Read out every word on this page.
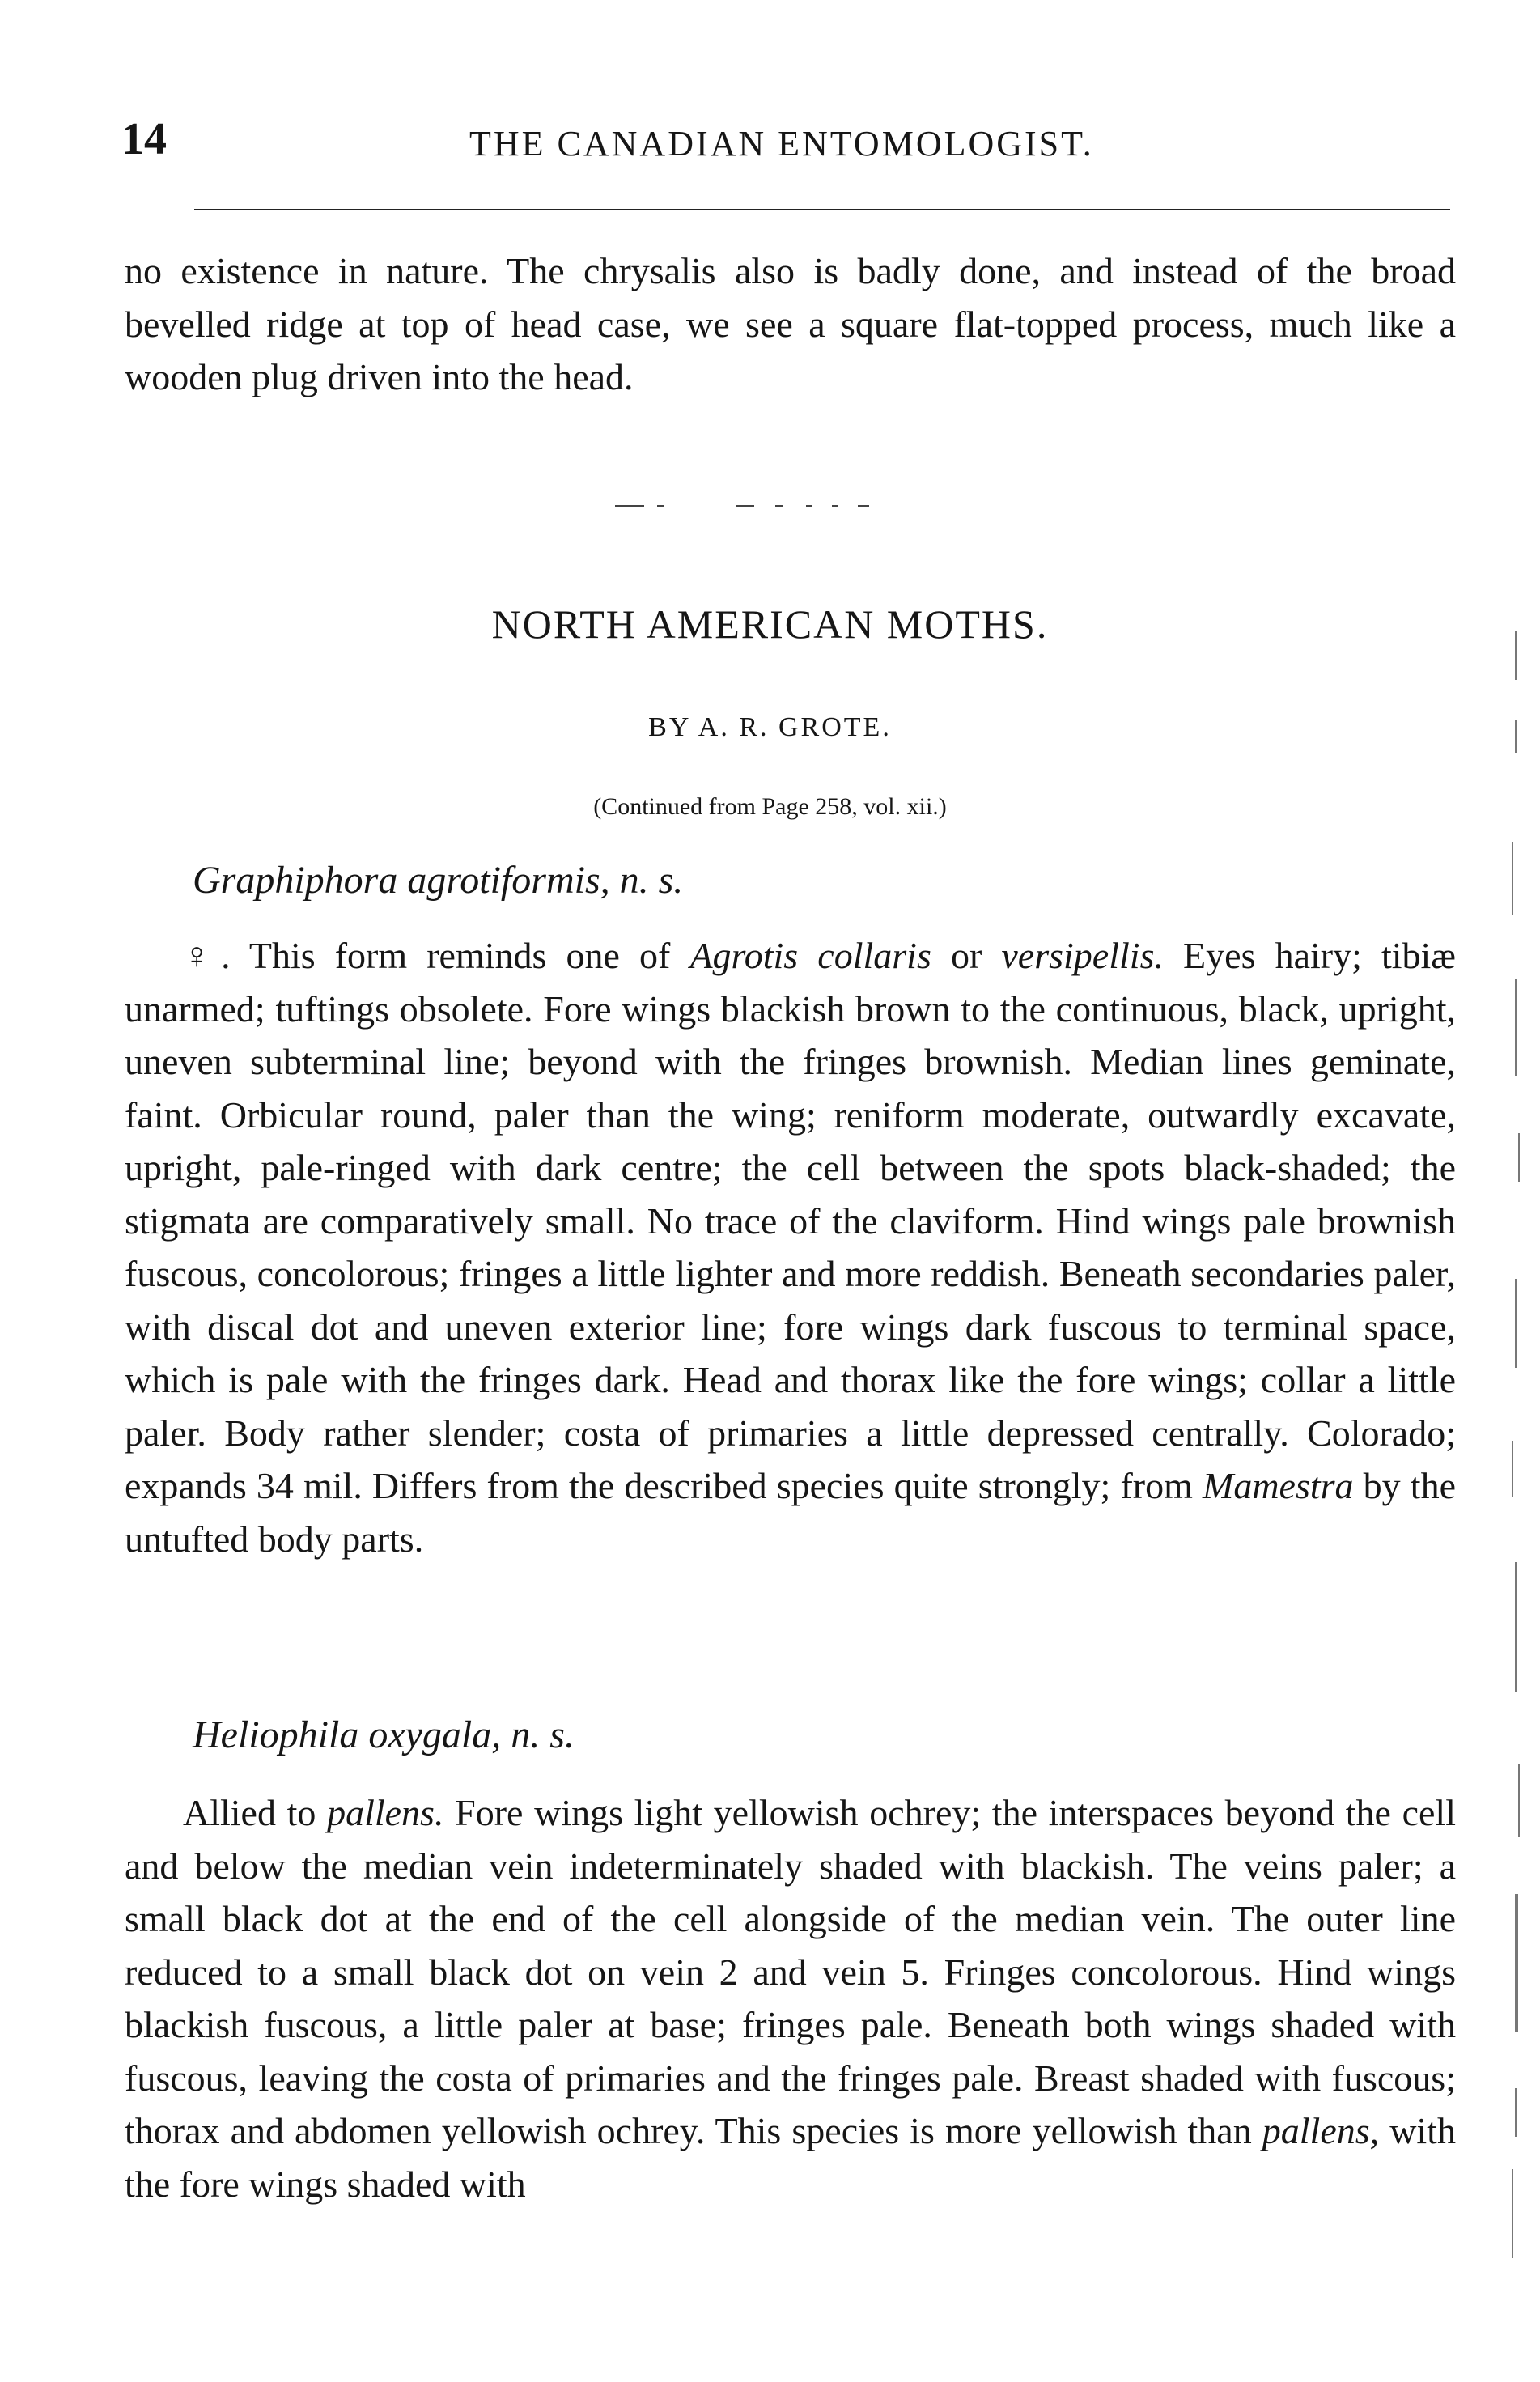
14	THE CANADIAN ENTOMOLOGIST.

no existence in nature. The chrysalis also is badly done, and instead of the broad bevelled ridge at top of head case, we see a square flat-topped process, much like a wooden plug driven into the head.

NORTH AMERICAN MOTHS.

BY A. R. GROTE.

(Continued from Page 258, vol. xii.)

Graphiphora agrotiformis, n. s.

♀. This form reminds one of Agrotis collaris or versipellis. Eyes hairy; tibiæ unarmed; tuftings obsolete. Fore wings blackish brown to the continuous, black, upright, uneven subterminal line; beyond with the fringes brownish. Median lines geminate, faint. Orbicular round, paler than the wing; reniform moderate, outwardly excavate, upright, pale-ringed with dark centre; the cell between the spots black-shaded; the stigmata are comparatively small. No trace of the claviform. Hind wings pale brownish fuscous, concolorous; fringes a little lighter and more reddish. Beneath secondaries paler, with discal dot and uneven exterior line; fore wings dark fuscous to terminal space, which is pale with the fringes dark. Head and thorax like the fore wings; collar a little paler. Body rather slender; costa of primaries a little depressed centrally. Colorado; expands 34 mil. Differs from the described species quite strongly; from Mamestra by the untufted body parts.

Heliophila oxygala, n. s.

Allied to pallens. Fore wings light yellowish ochrey; the interspaces beyond the cell and below the median vein indeterminately shaded with blackish. The veins paler; a small black dot at the end of the cell alongside of the median vein. The outer line reduced to a small black dot on vein 2 and vein 5. Fringes concolorous. Hind wings blackish fuscous, a little paler at base; fringes pale. Beneath both wings shaded with fuscous, leaving the costa of primaries and the fringes pale. Breast shaded with fuscous; thorax and abdomen yellowish ochrey. This species is more yellowish than pallens, with the fore wings shaded with
